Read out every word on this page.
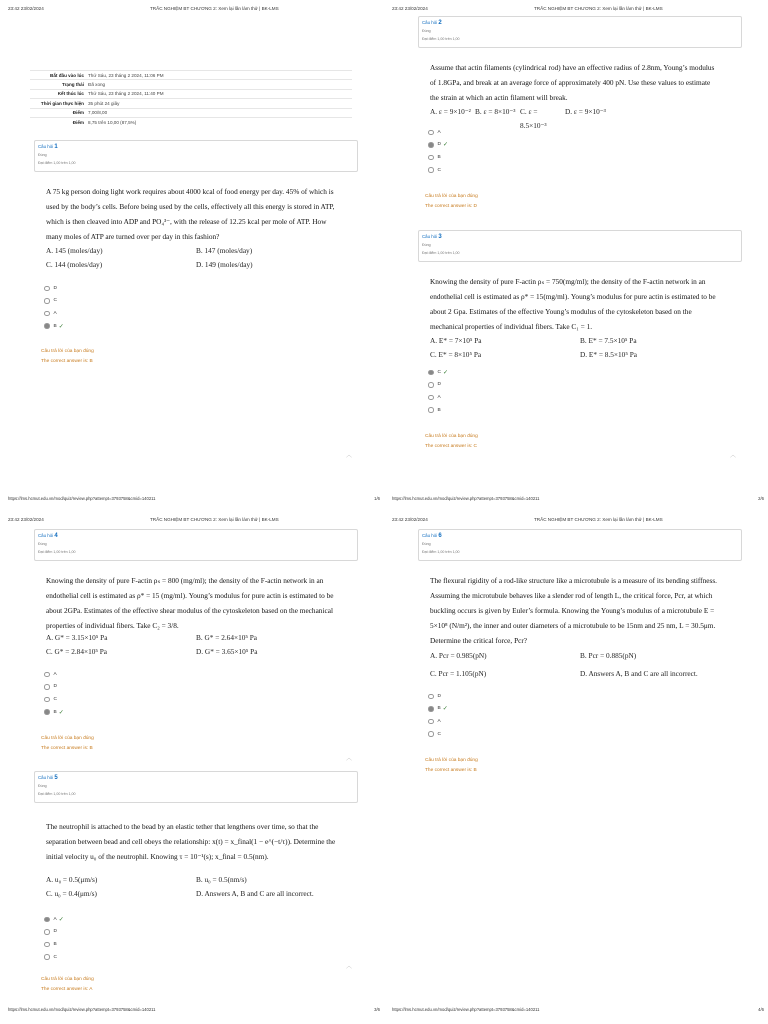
23:42 23/02/2024	TRẮC NGHIỆM BT CHƯƠNG 2: Xem lại lần làm thử | BK-LMS
Bắt đầu vào lúc Thứ Sáu, 23 tháng 2 2024, 11:06 PM
Trạng thái Đã xong
Kết thúc lúc Thứ Sáu, 23 tháng 2 2024, 11:40 PM
Thời gian thực hiện 35 phút 24 giây
Điểm 7,00/8,00
Điểm 8,75 trên 10,00 (87,5%)
Câu hỏi 1
Đúng
Đạt điểm 1,00 trên 1,00
A 75 kg person doing light work requires about 4000 kcal of food energy per day. 45% of which is used by the body’s cells. Before being used by the cells, effectively all this energy is stored in ATP, which is then cleaved into ADP and PO₄³⁻, with the release of 12.25 kcal per mole of ATP. How many moles of ATP are turned over per day in this fashion?
A. 145 (moles/day)	B. 147 (moles/day)
C. 144 (moles/day)	D. 149 (moles/day)
D
C
A
B ✓
Câu trả lời của bạn đúng
The correct answer is: B
︿
https://lms.hcmut.edu.vn/mod/quiz/review.php?attempt=3793758&cmid=140211	1/6
23:42 23/02/2024	TRẮC NGHIỆM BT CHƯƠNG 2: Xem lại lần làm thử | BK-LMS
Câu hỏi 2
Đúng
Đạt điểm 1,00 trên 1,00
Assume that actin filaments (cylindrical rod) have an effective radius of 2.8nm, Young’s modulus of 1.8GPa, and break at an average force of approximately 400 pN. Use these values to estimate the strain at which an actin filament will break.
A. ε = 9×10⁻² B. ε = 8×10⁻³ C. ε = 8.5×10⁻³
D. ε = 9×10⁻³
A
D ✓
B
C
Câu trả lời của bạn đúng
The correct answer is: D
Câu hỏi 3
Đúng
Đạt điểm 1,00 trên 1,00
Knowing the density of pure F-actin ρₛ = 750(mg/ml); the density of the F-actin network in an endothelial cell is estimated as ρ* = 15(mg/ml). Young’s modulus for pure actin is estimated to be about 2 Gpa. Estimates of the effective Young’s modulus of the cytoskeleton based on the mechanical properties of individual fibers. Take C₁ = 1.
A. E* = 7×10⁵ Pa	B. E* = 7.5×10⁵ Pa
C. E* = 8×10⁵ Pa	D. E* = 8.5×10⁵ Pa
C ✓
D
A
B
Câu trả lời của bạn đúng
The correct answer is: C
︿
https://lms.hcmut.edu.vn/mod/quiz/review.php?attempt=3793758&cmid=140211	2/6
23:42 23/02/2024	TRẮC NGHIỆM BT CHƯƠNG 2: Xem lại lần làm thử | BK-LMS
Câu hỏi 4
Đúng
Đạt điểm 1,00 trên 1,00
Knowing the density of pure F-actin ρₛ = 800 (mg/ml); the density of the F-actin network in an endothelial cell is estimated as ρ* = 15 (mg/ml). Young’s modulus for pure actin is estimated to be about 2GPa. Estimates of the effective shear modulus of the cytoskeleton based on the mechanical properties of individual fibers. Take C₂ = 3/8.
A. G* = 3.15×10⁵ Pa	B. G* = 2.64×10⁵ Pa
C. G* = 2.84×10⁵ Pa	D. G* = 3.65×10⁵ Pa
A
D
C
B ✓
Câu trả lời của bạn đúng
The correct answer is: B
︿
Câu hỏi 5
Đúng
Đạt điểm 1,00 trên 1,00
The neutrophil is attached to the bead by an elastic tether that lengthens over time, so that the separation between bead and cell obeys the relationship: x(t) = x_final(1 − e^(−t/τ)). Determine the initial velocity u₀ of the neutrophil. Knowing τ = 10⁻¹(s); x_final = 0.5(nm).
A. u₀ = 0.5(μm/s)	B. u₀ = 0.5(nm/s)
C. u₀ = 0.4(μm/s)	D. Answers A, B and C are all incorrect.
A ✓
D
B
C
︿
Câu trả lời của bạn đúng
The correct answer is: A
https://lms.hcmut.edu.vn/mod/quiz/review.php?attempt=3793758&cmid=140211	3/6
23:42 23/02/2024	TRẮC NGHIỆM BT CHƯƠNG 2: Xem lại lần làm thử | BK-LMS
Câu hỏi 6
Đúng
Đạt điểm 1,00 trên 1,00
The flexural rigidity of a rod-like structure like a microtubule is a measure of its bending stiffness. Assuming the microtubule behaves like a slender rod of length L, the critical force, Pcr, at which buckling occurs is given by Euler’s formula. Knowing the Young’s modulus of a microtubule E = 5×10⁸ (N/m²), the inner and outer diameters of a microtubule to be 15nm and 25 nm, L = 30.5μm. Determine the critical force, Pcr?
A. Pcr = 0.985(pN)	B. Pcr = 0.885(pN)
C. Pcr = 1.105(pN)	D. Answers A, B and C are all incorrect.
D
B ✓
A
C
Câu trả lời của bạn đúng
The correct answer is: B
https://lms.hcmut.edu.vn/mod/quiz/review.php?attempt=3793758&cmid=140211	4/6
